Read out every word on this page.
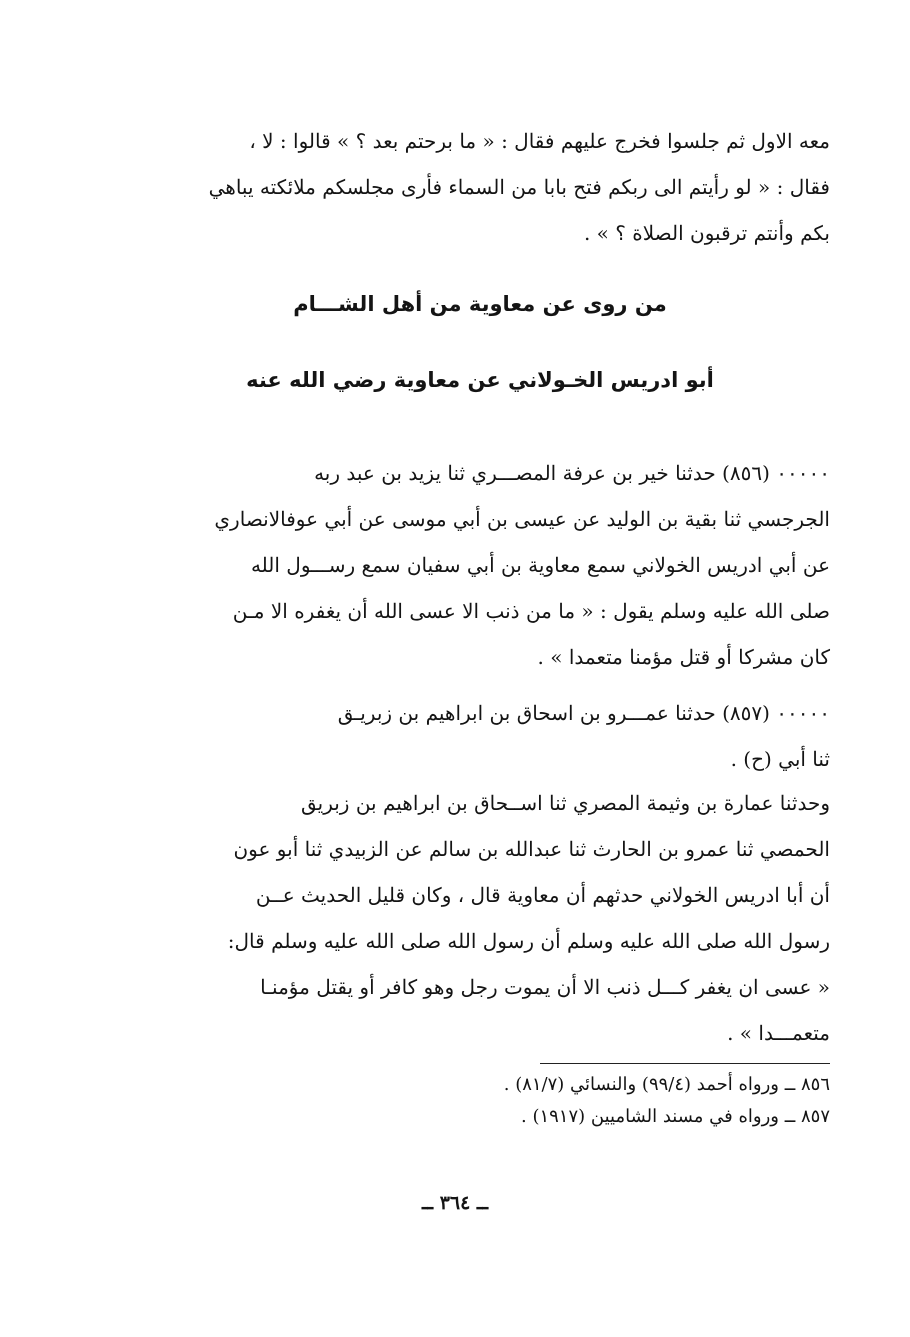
معه الاول ثم جلسوا فخرج عليهم فقال : « ما برحتم بعد ؟ » قالوا : لا ،
فقال : « لو رأيتم الى ربكم فتح بابا من السماء فأرى مجلسكم ملائكته يباهي
بكم وأنتم ترقبون الصلاة ؟ » .

من روى عن معاوية من أهل الشـــام

أبو ادريس الخـولاني عن معاوية رضي الله عنه

٠٠٠٠٠ (٨٥٦) حدثنا خير بن عرفة المصـــري ثنا يزيد بن عبد ربه
الجرجسي ثنا بقية بن الوليد عن عيسى بن أبي موسى عن أبي عوفالانصاري
عن أبي ادريس الخولاني سمع معاوية بن أبي سفيان سمع رســـول الله
صلى الله عليه وسلم يقول : « ما من ذنب الا عسى الله أن يغفره الا مـن
كان مشركا أو قتل مؤمنا متعمدا » .
٠٠٠٠٠ (٨٥٧) حدثنا عمـــرو بن اسحاق بن ابراهيم بن زبريـق
ثنا أبي (ح) .
وحدثنا عمارة بن وثيمة المصري ثنا اســحاق بن ابراهيم بن زبريق
الحمصي ثنا عمرو بن الحارث ثنا عبدالله بن سالم عن الزبيدي ثنا أبو عون
أن أبا ادريس الخولاني حدثهم أن معاوية قال ، وكان قليل الحديث عــن
رسول الله صلى الله عليه وسلم أن رسول الله صلى الله عليه وسلم قال:
« عسى ان يغفر كـــل ذنب الا أن يموت رجل وهو كافر أو يقتل مؤمنـا
متعمـــدا » .
٨٥٦ ــ ورواه أحمد (٩٩/٤) والنسائي (٨١/٧) .
٨٥٧ ــ ورواه في مسند الشاميين (١٩١٧) .

ــ ٣٦٤ ــ
